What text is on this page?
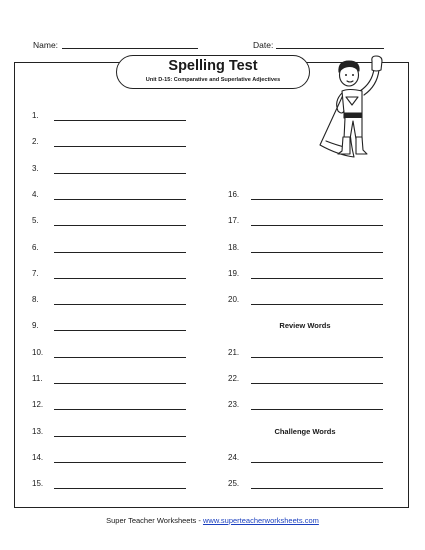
Name:	Date:
Spelling Test
Unit D-15: Comparative and Superlative Adjectives
1.
2.
3.
4.
5.
6.
7.
8.
9.
10.
11.
12.
13.
14.
15.
16.
17.
18.
19.
20.
21.
22.
23.
24.
25.
Review Words
Challenge Words
Super Teacher Worksheets - www.superteacherworksheets.com
